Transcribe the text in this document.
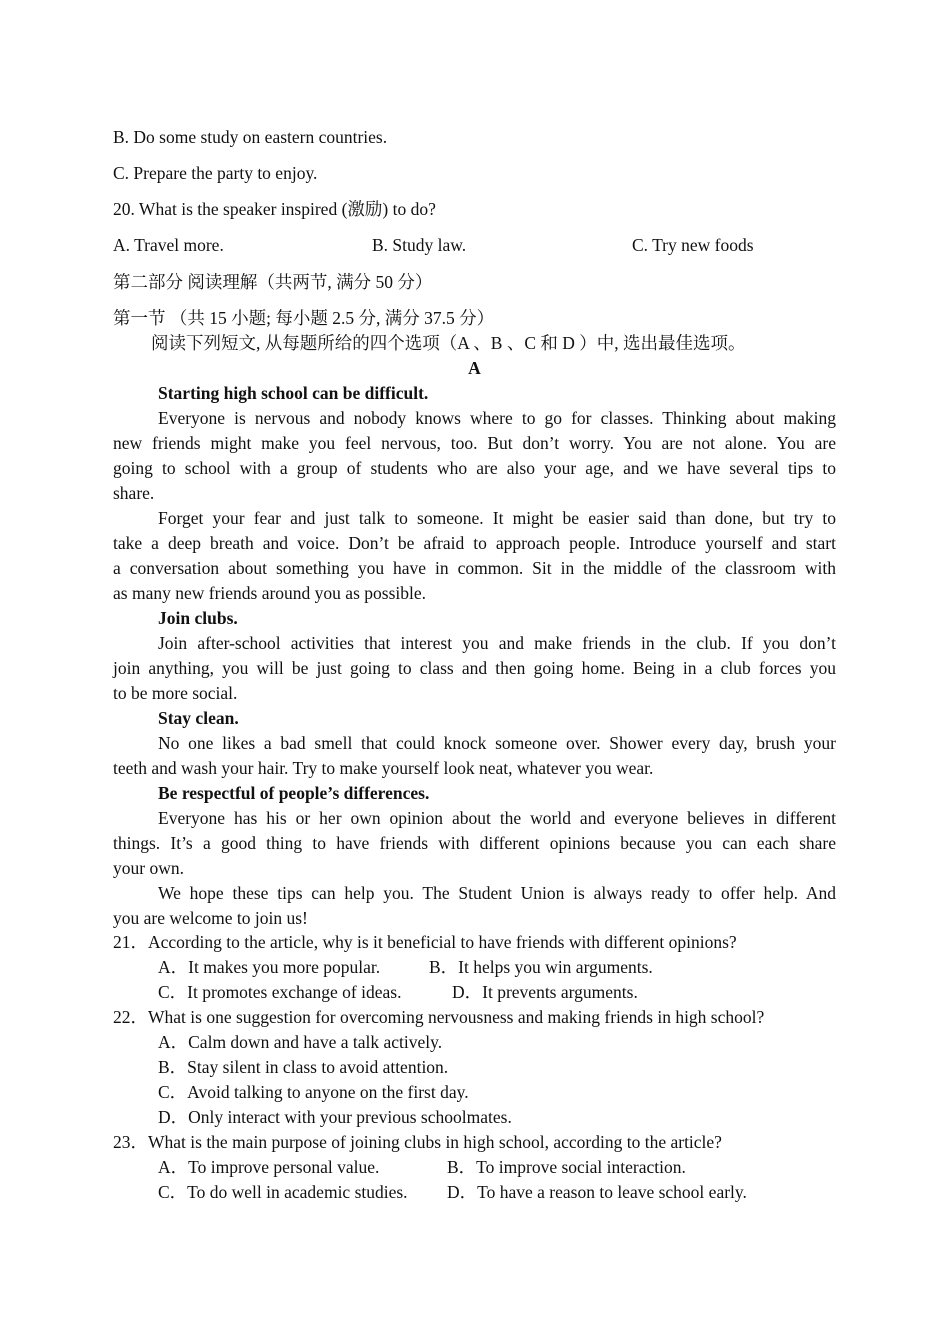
B. Do some study on eastern countries.
C. Prepare the party to enjoy.
20. What is the speaker inspired (激励) to do?
A. Travel more.	B. Study law.	C. Try new foods
第二部分 阅读理解（共两节, 满分 50 分）
第一节 （共 15 小题; 每小题 2.5 分, 满分 37.5 分）
阅读下列短文, 从每题所给的四个选项（A 、B 、C 和 D ）中, 选出最佳选项。
A
Starting high school can be difficult.
Everyone is nervous and nobody knows where to go for classes. Thinking about making
new friends might make you feel nervous, too. But don’t worry. You are not alone. You are
going to school with a group of students who are also your age, and we have several tips to
share.
Forget your fear and just talk to someone. It might be easier said than done, but try to
take a deep breath and voice. Don’t be afraid to approach people. Introduce yourself and start
a conversation about something you have in common. Sit in the middle of the classroom with
as many new friends around you as possible.
Join clubs.
Join after-school activities that interest you and make friends in the club. If you don’t
join anything, you will be just going to class and then going home. Being in a club forces you
to be more social.
Stay clean.
No one likes a bad smell that could knock someone over. Shower every day, brush your
teeth and wash your hair. Try to make yourself look neat, whatever you wear.
Be respectful of people’s differences.
Everyone has his or her own opinion about the world and everyone believes in different
things. It’s a good thing to have friends with different opinions because you can each share
your own.
We hope these tips can help you. The Student Union is always ready to offer help. And
you are welcome to join us!
21．According to the article, why is it beneficial to have friends with different opinions?
A．It makes you more popular.	B．It helps you win arguments.
C．It promotes exchange of ideas.	D．It prevents arguments.
22．What is one suggestion for overcoming nervousness and making friends in high school?
A．Calm down and have a talk actively.
B．Stay silent in class to avoid attention.
C．Avoid talking to anyone on the first day.
D．Only interact with your previous schoolmates.
23．What is the main purpose of joining clubs in high school, according to the article?
A．To improve personal value.	B．To improve social interaction.
C．To do well in academic studies. D．To have a reason to leave school early.
